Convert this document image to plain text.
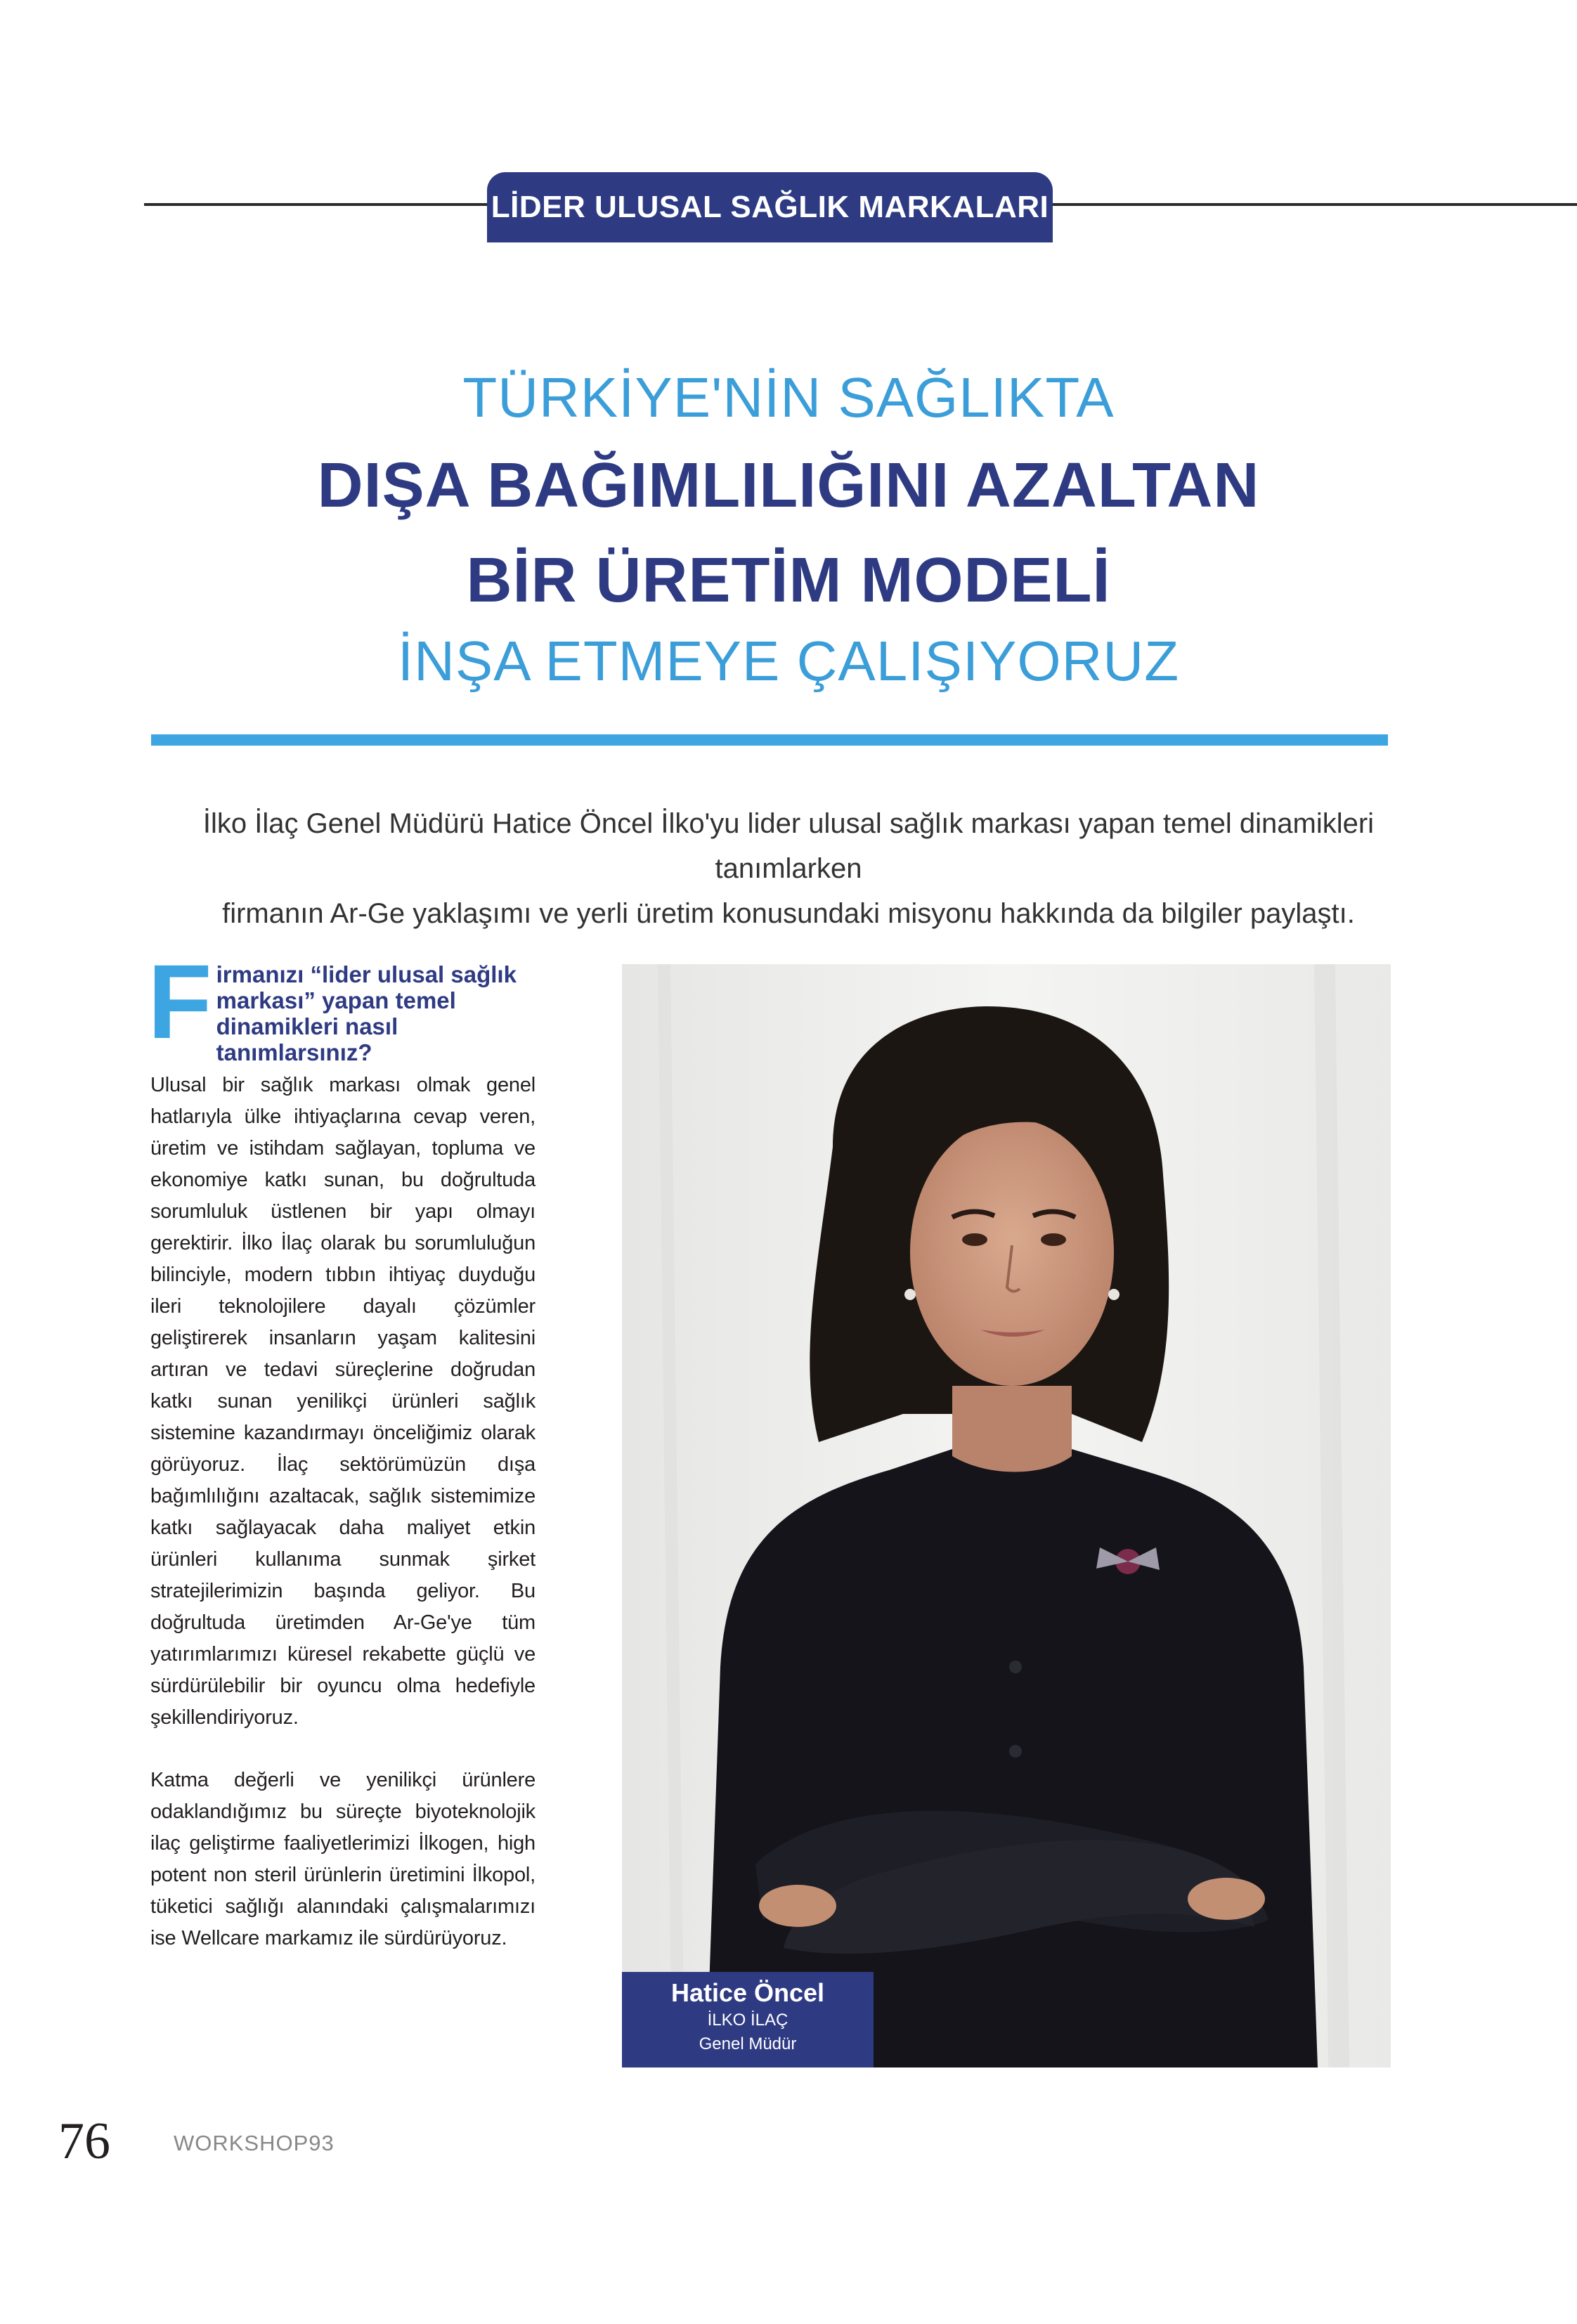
LİDER ULUSAL SAĞLIK MARKALARI
TÜRKİYE'NİN SAĞLIKTA
DIŞA BAĞIMLILIĞINI AZALTAN
BİR ÜRETİM MODELİ
İNŞA ETMEYE ÇALIŞIYORUZ
İlko İlaç Genel Müdürü Hatice Öncel İlko'yu lider ulusal sağlık markası yapan temel dinamikleri tanımlarken
firmanın Ar-Ge yaklaşımı ve yerli üretim konusundaki misyonu hakkında da bilgiler paylaştı.
F irmanızı “lider ulusal sağlık markası” yapan temel dinamikleri nasıl tanımlarsınız?

Ulusal bir sağlık markası olmak genel hatlarıyla ülke ihtiyaçlarına cevap veren, üretim ve istihdam sağlayan, topluma ve ekonomiye katkı sunan, bu doğrultuda sorumluluk üstlenen bir yapı olmayı gerektirir. İlko İlaç olarak bu sorumluluğun bilinciyle, modern tıbbın ihtiyaç duyduğu ileri teknolojilere dayalı çözümler geliştirerek insanların yaşam kalitesini artıran ve tedavi süreçlerine doğrudan katkı sunan yenilikçi ürünleri sağlık sistemine kazandırmayı önceliğimiz olarak görüyoruz. İlaç sektörümüzün dışa bağımlılığını azaltacak, sağlık sistemimize katkı sağlayacak daha maliyet etkin ürünleri kullanıma sunmak şirket stratejilerimizin başında geliyor. Bu doğrultuda üretimden Ar-Ge'ye tüm yatırımlarımızı küresel rekabette güçlü ve sürdürülebilir bir oyuncu olma hedefiyle şekillendiriyoruz.

Katma değerli ve yenilikçi ürünlere odaklandığımız bu süreçte biyoteknolojik ilaç geliştirme faaliyetlerimizi İlkogen, high potent non steril ürünlerin üretimini İlkopol, tüketici sağlığı alanındaki çalışmalarımızı ise Wellcare markamız ile sürdürüyoruz.

Hatice Öncel
İLKO İLAÇ
Genel Müdür
76	WORKSHOP93
